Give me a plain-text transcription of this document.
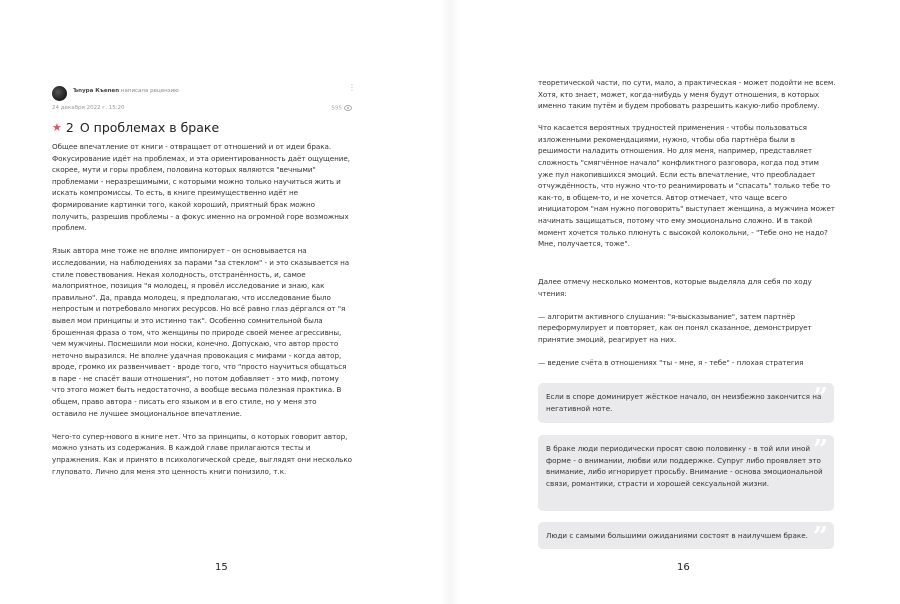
Ъnура Къеnen написала рецензию
24 декабря 2022 г. 15:20
⋮
595
★ 2 О проблемах в браке

Общее впечатление от книги - отвращает от отношений и от идеи брака. Фокусирование идёт на проблемах, и эта ориентированность даёт ощущение, скорее, мути и горы проблем, половина которых являются "вечными" проблемами - неразрешимыми, с которыми можно только научиться жить и искать компромиссы. То есть, в книге преимущественно идёт не формирование картинки того, какой хороший, приятный брак можно получить, разрешив проблемы - а фокус именно на огромной горе возможных проблем.

Язык автора мне тоже не вполне импонирует - он основывается на исследовании, на наблюдениях за парами "за стеклом" - и это сказывается на стиле повествования. Некая холодность, отстранённость, и, самое малоприятное, позиция "я молодец, я провёл исследование и знаю, как правильно". Да, правда молодец, я предполагаю, что исследование было непростым и потребовало многих ресурсов. Но всё равно глаз дёргался от "я вывел мои принципы и это истинно так". Особенно сомнительной была брошенная фраза о том, что женщины по природе своей менее агрессивны, чем мужчины. Посмешили мои носки, конечно. Допускаю, что автор просто неточно выразился. Не вполне удачная провокация с мифами - когда автор, вроде, громко их развенчивает - вроде того, что "просто научиться общаться в паре - не спасёт ваши отношения", но потом добавляет - это миф, потому что этого может быть недостаточно, а вообще весьма полезная практика. В общем, право автора - писать его языком и в его стиле, но у меня это оставило не лучшее эмоциональное впечатление.

Чего-то супер-нового в книге нет. Что за принципы, о которых говорит автор, можно узнать из содержания. В каждой главе прилагаются тесты и упражнения. Как и принято в психологической среде, выглядят они несколько глуповато. Лично для меня это ценность книги понизило, т.к.

15

теоретической части, по сути, мало, а практическая - может подойти не всем. Хотя, кто знает, может, когда-нибудь у меня будут отношения, в которых именно таким путём и будем пробовать разрешить какую-либо проблему.

Что касается вероятных трудностей применения - чтобы пользоваться изложенными рекомендациями, нужно, чтобы оба партнёра были в решимости наладить отношения. Но для меня, например, представляет сложность "смягчённое начало" конфликтного разговора, когда под этим уже пул накопившихся эмоций. Если есть впечатление, что преобладает отчуждённость, что нужно что-то реанимировать и "спасать" только тебе то как-то, в общем-то, и не хочется. Автор отмечает, что чаще всего инициатором "нам нужно поговорить" выступает женщина, а мужчина может начинать защищаться, потому что ему эмоционально сложно. И в такой момент хочется только плюнуть с высокой колокольни, - "Тебе оно не надо? Мне, получается, тоже".

Далее отмечу несколько моментов, которые выделяла для себя по ходу чтения:

— алгоритм активного слушания: "я-высказывание", затем партнёр переформулирует и повторяет, как он понял сказанное, демонстрирует принятие эмоций, реагирует на них.

— ведение счёта в отношениях "ты - мне, я - тебе" - плохая стратегия

”
Если в споре доминирует жёсткое начало, он неизбежно закончится на негативной ноте.
”
В браке люди периодически просят свою половинку - в той или иной форме - о внимании, любви или поддержке. Супруг либо проявляет это внимание, либо игнорирует просьбу. Внимание - основа эмоциональной связи, романтики, страсти и хорошей сексуальной жизни.
”
Люди с самыми большими ожиданиями состоят в наилучшем браке.
16
